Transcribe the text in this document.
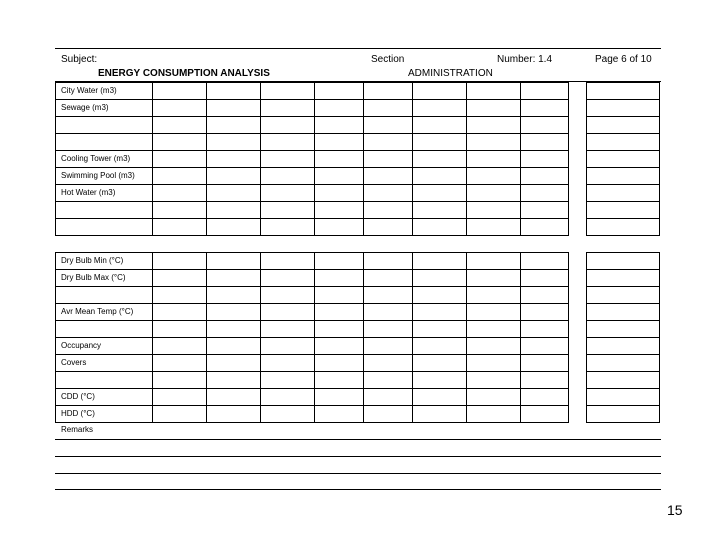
Subject:	Section	Number: 1.4	Page 6 of 10
ENERGY CONSUMPTION ANALYSIS	ADMINISTRATION
City Water (m3)										
Sewage (m3)										

Cooling Tower (m3)										
Swimming Pool (m3)										
Hot Water (m3)										

Dry Bulb Min (°C)										
Dry Bulb Max (°C)										

Avr Mean Temp (°C)										

Occupancy										
Covers										

CDD (°C)										
HDD (°C)										
Remarks
15
